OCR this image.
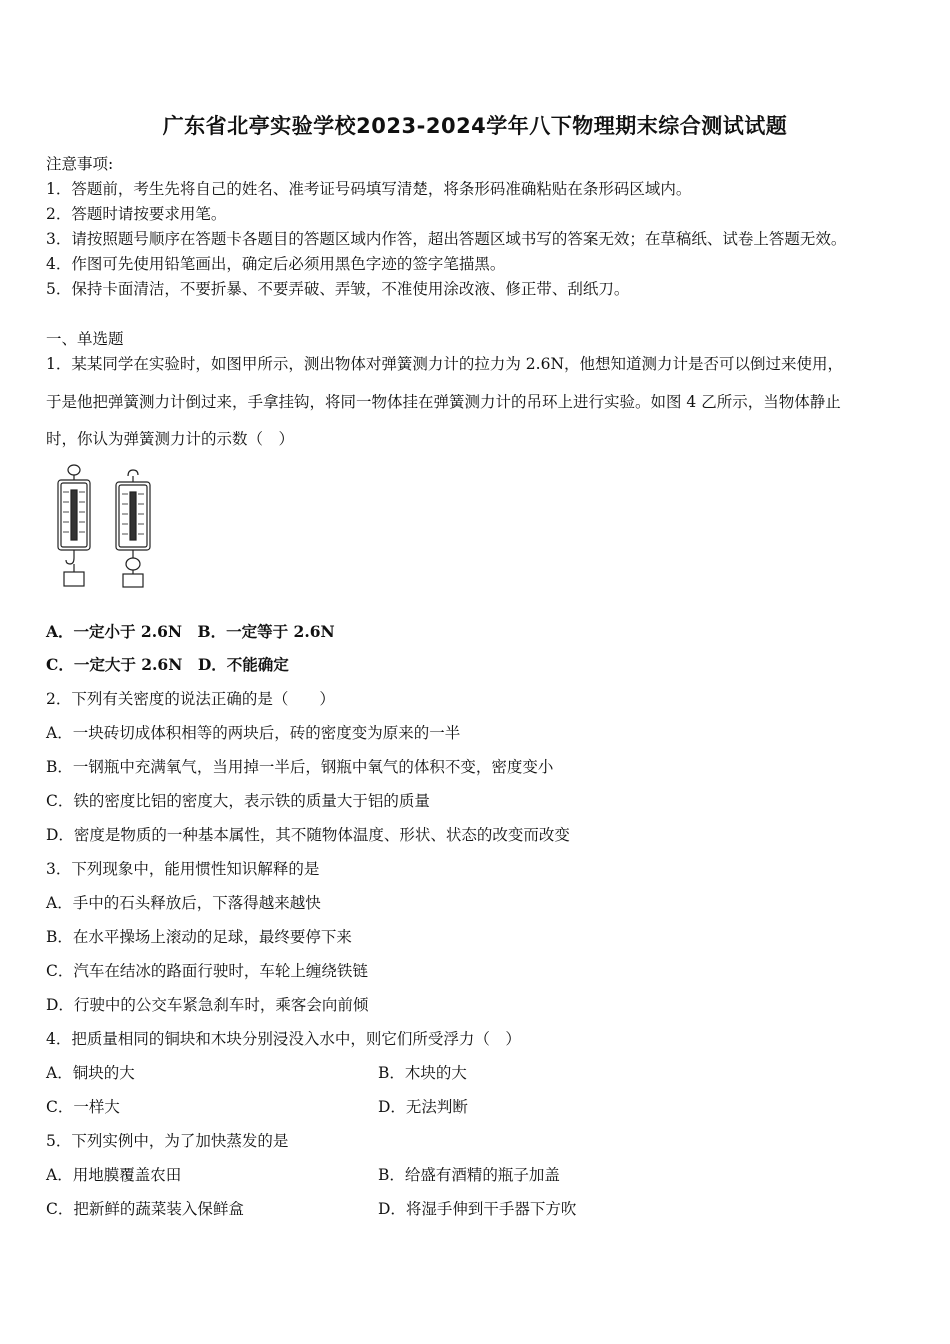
广东省北亭实验学校2023-2024学年八下物理期末综合测试试题
注意事项:
1．答题前，考生先将自己的姓名、准考证号码填写清楚，将条形码准确粘贴在条形码区域内。
2．答题时请按要求用笔。
3．请按照题号顺序在答题卡各题目的答题区域内作答，超出答题区域书写的答案无效；在草稿纸、试卷上答题无效。
4．作图可先使用铅笔画出，确定后必须用黑色字迹的签字笔描黑。
5．保持卡面清洁，不要折暴、不要弄破、弄皱，不准使用涂改液、修正带、刮纸刀。
一、单选题
1．某某同学在实验时，如图甲所示，测出物体对弹簧测力计的拉力为 2.6N，他想知道测力计是否可以倒过来使用，
于是他把弹簧测力计倒过来，手拿挂钩，将同一物体挂在弹簧测力计的吊环上进行实验。如图 4 乙所示，当物体静止
时，你认为弹簧测力计的示数（　）
A．一定小于 2.6N　B．一定等于 2.6N
C．一定大于 2.6N　D．不能确定
2．下列有关密度的说法正确的是（　　）
A．一块砖切成体积相等的两块后，砖的密度变为原来的一半
B．一钢瓶中充满氧气，当用掉一半后，钢瓶中氧气的体积不变，密度变小
C．铁的密度比铝的密度大，表示铁的质量大于铝的质量
D．密度是物质的一种基本属性，其不随物体温度、形状、状态的改变而改变
3．下列现象中，能用惯性知识解释的是
A．手中的石头释放后，下落得越来越快
B．在水平操场上滚动的足球，最终要停下来
C．汽车在结冰的路面行驶时，车轮上缠绕铁链
D．行驶中的公交车紧急刹车时，乘客会向前倾
4．把质量相同的铜块和木块分别浸没入水中，则它们所受浮力（　）
A．铜块的大	B．木块的大
C．一样大	D．无法判断
5．下列实例中，为了加快蒸发的是
A．用地膜覆盖农田	B．给盛有酒精的瓶子加盖
C．把新鲜的蔬菜装入保鲜盒	D．将湿手伸到干手器下方吹
